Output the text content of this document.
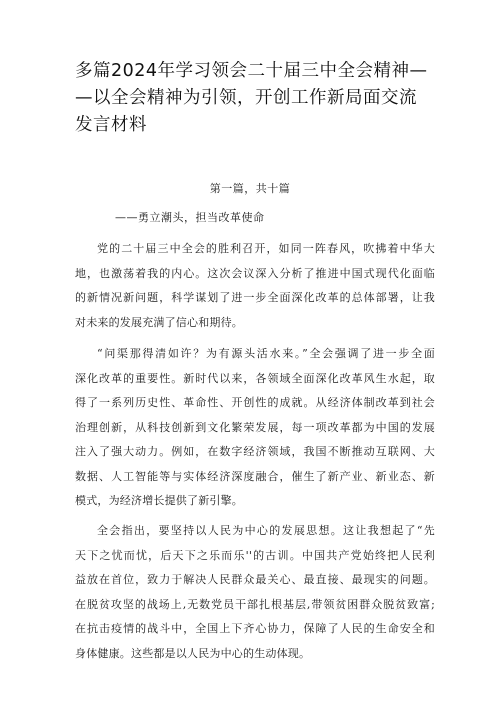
多篇2024年学习领会二十届三中全会精神—
—以全会精神为引领，开创工作新局面交流
发言材料
第一篇，共十篇
——勇立潮头，担当改革使命
党的二十届三中全会的胜利召开，如同一阵春风，吹拂着中华大
地，也激荡着我的内心。这次会议深入分析了推进中国式现代化面临
的新情况新问题，科学谋划了进一步全面深化改革的总体部署，让我
对未来的发展充满了信心和期待。
“问渠那得清如许？为有源头活水来。”全会强调了进一步全面
深化改革的重要性。新时代以来，各领域全面深化改革风生水起，取
得了一系列历史性、革命性、开创性的成就。从经济体制改革到社会
治理创新，从科技创新到文化繁荣发展，每一项改革都为中国的发展
注入了强大动力。例如，在数字经济领域，我国不断推动互联网、大
数据、人工智能等与实体经济深度融合，催生了新产业、新业态、新
模式，为经济增长提供了新引擎。
全会指出，要坚持以人民为中心的发展思想。这让我想起了“先
天下之忧而忧，后天下之乐而乐''的古训。中国共产党始终把人民利
益放在首位，致力于解决人民群众最关心、最直接、最现实的问题。
在脱贫攻坚的战场上,无数党员干部扎根基层,带领贫困群众脱贫致富;
在抗击疫情的战斗中，全国上下齐心协力，保障了人民的生命安全和
身体健康。这些都是以人民为中心的生动体现。
